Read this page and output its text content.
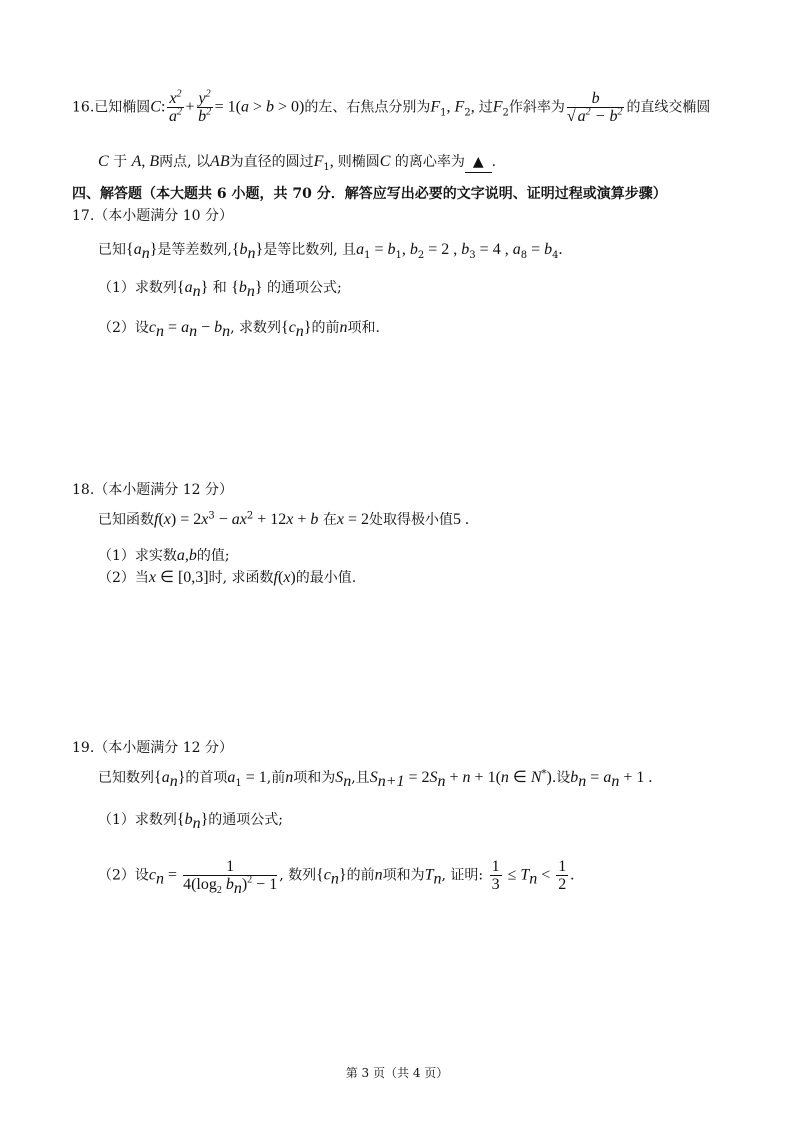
16.已知椭圆C: $\frac{x^2}{a^2} + \frac{y^2}{b^2} = 1(a > b > 0)$的左、右焦点分别为$F_1$, $F_2$, 过$F_2$作斜率为 $\frac{b}{√ a^2 - b^2}$ 的直线交椭圆
C 于 A, B两点, 以AB为直径的圆过$F_1$, 则椭圆C 的离心率为 ▲ .
四、解答题（本大题共 6 小题，共 70 分．解答应写出必要的文字说明、证明过程或演算步骤）
17.（本小题满分 10 分）
已知$\{a_n\}$是等差数列$,\{b_n\}$是等比数列, 且$a_1 = b_1$, $b_2 = 2$ , $b_3 = 4$ , $a_8 = b_4$.
（1）求数列$\{a_n\}$ 和 $\{b_n\}$ 的通项公式;
（2）设$c_n = a_n - b_n$, 求数列$\{c_n\}$的前n项和.
18.（本小题满分 12 分）
已知函数$f(x) = 2x^3 - ax^2 + 12x + b$ 在x = 2处取得极小值5 .
（1）求实数a,b的值;
（2）当x ∈ [0,3]时, 求函数f(x)的最小值.
19.（本小题满分 12 分）
已知数列$\{a_n\}$的首项$a_1 = 1$,前n项和为$S_n$,且$S_{n+1} = 2S_n + n + 1(n$ ∈ N*).设$b_n = a_n + 1$ .
（1）求数列$\{b_n\}$的通项公式;
（2）设$c_n = \frac{1}{4(\log_2 b_n)^2 - 1}$ , 数列$\{c_n\}$的前n项和为$T_n$, 证明: $\frac{1}{3} \le T_n < \frac{1}{2}$ .
第 3 页（共 4 页）
